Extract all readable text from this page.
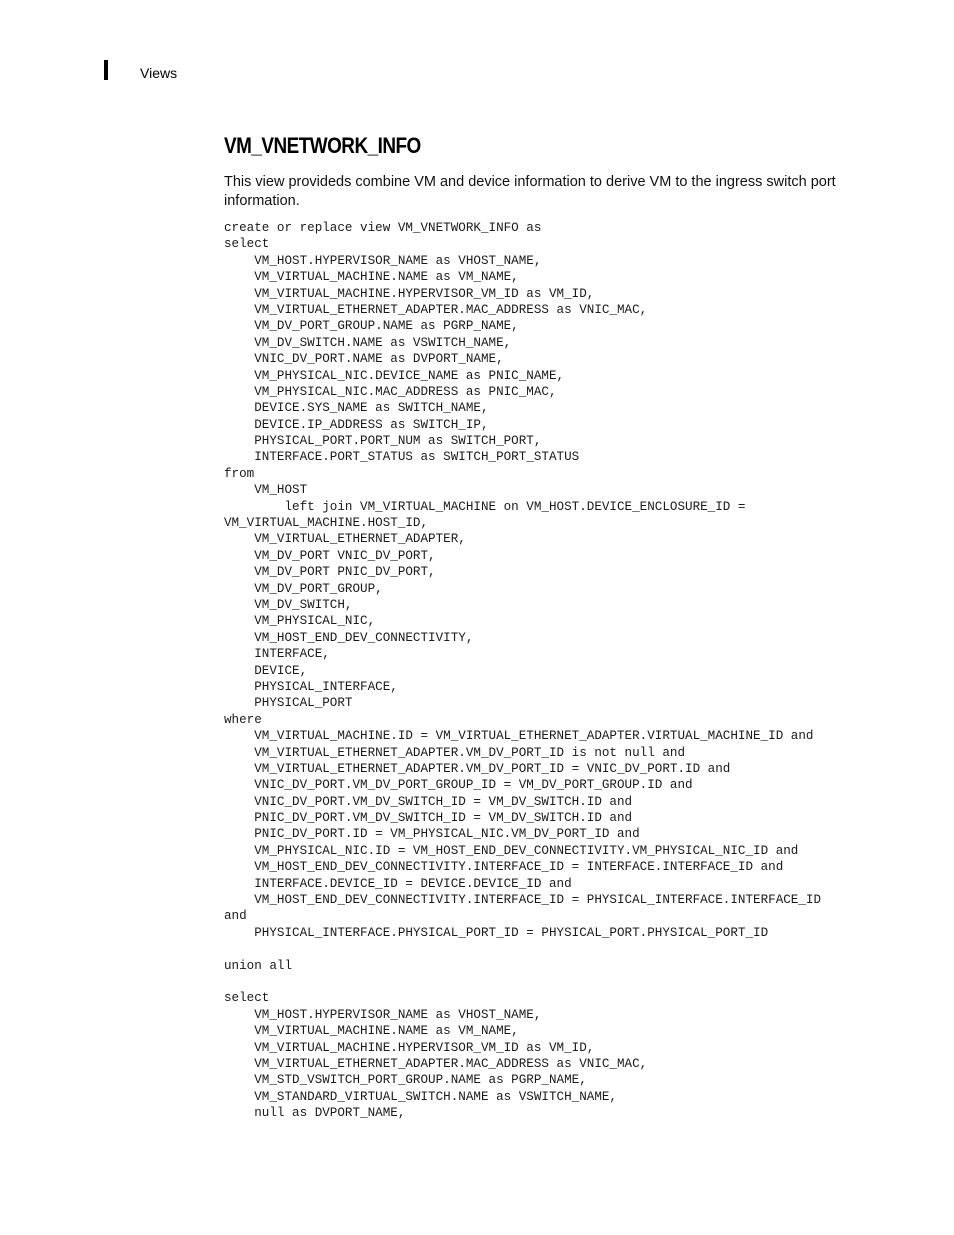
Views
VM_VNETWORK_INFO

This view provideds combine VM and device information to derive VM to the ingress switch port information.

create or replace view VM_VNETWORK_INFO as
select
VM_HOST.HYPERVISOR_NAME as VHOST_NAME,
VM_VIRTUAL_MACHINE.NAME as VM_NAME,
VM_VIRTUAL_MACHINE.HYPERVISOR_VM_ID as VM_ID,
VM_VIRTUAL_ETHERNET_ADAPTER.MAC_ADDRESS as VNIC_MAC,
VM_DV_PORT_GROUP.NAME as PGRP_NAME,
VM_DV_SWITCH.NAME as VSWITCH_NAME,
VNIC_DV_PORT.NAME as DVPORT_NAME,
VM_PHYSICAL_NIC.DEVICE_NAME as PNIC_NAME,
VM_PHYSICAL_NIC.MAC_ADDRESS as PNIC_MAC,
DEVICE.SYS_NAME as SWITCH_NAME,
DEVICE.IP_ADDRESS as SWITCH_IP,
PHYSICAL_PORT.PORT_NUM as SWITCH_PORT,
INTERFACE.PORT_STATUS as SWITCH_PORT_STATUS
from
VM_HOST
left join VM_VIRTUAL_MACHINE on VM_HOST.DEVICE_ENCLOSURE_ID =
VM_VIRTUAL_MACHINE.HOST_ID,
VM_VIRTUAL_ETHERNET_ADAPTER,
VM_DV_PORT VNIC_DV_PORT,
VM_DV_PORT PNIC_DV_PORT,
VM_DV_PORT_GROUP,
VM_DV_SWITCH,
VM_PHYSICAL_NIC,
VM_HOST_END_DEV_CONNECTIVITY,
INTERFACE,
DEVICE,
PHYSICAL_INTERFACE,
PHYSICAL_PORT
where
VM_VIRTUAL_MACHINE.ID = VM_VIRTUAL_ETHERNET_ADAPTER.VIRTUAL_MACHINE_ID and
VM_VIRTUAL_ETHERNET_ADAPTER.VM_DV_PORT_ID is not null and
VM_VIRTUAL_ETHERNET_ADAPTER.VM_DV_PORT_ID = VNIC_DV_PORT.ID and
VNIC_DV_PORT.VM_DV_PORT_GROUP_ID = VM_DV_PORT_GROUP.ID and
VNIC_DV_PORT.VM_DV_SWITCH_ID = VM_DV_SWITCH.ID and
PNIC_DV_PORT.VM_DV_SWITCH_ID = VM_DV_SWITCH.ID and
PNIC_DV_PORT.ID = VM_PHYSICAL_NIC.VM_DV_PORT_ID and
VM_PHYSICAL_NIC.ID = VM_HOST_END_DEV_CONNECTIVITY.VM_PHYSICAL_NIC_ID and
VM_HOST_END_DEV_CONNECTIVITY.INTERFACE_ID = INTERFACE.INTERFACE_ID and
INTERFACE.DEVICE_ID = DEVICE.DEVICE_ID and
VM_HOST_END_DEV_CONNECTIVITY.INTERFACE_ID = PHYSICAL_INTERFACE.INTERFACE_ID
and
PHYSICAL_INTERFACE.PHYSICAL_PORT_ID = PHYSICAL_PORT.PHYSICAL_PORT_ID
union all
select
VM_HOST.HYPERVISOR_NAME as VHOST_NAME,
VM_VIRTUAL_MACHINE.NAME as VM_NAME,
VM_VIRTUAL_MACHINE.HYPERVISOR_VM_ID as VM_ID,
VM_VIRTUAL_ETHERNET_ADAPTER.MAC_ADDRESS as VNIC_MAC,
VM_STD_VSWITCH_PORT_GROUP.NAME as PGRP_NAME,
VM_STANDARD_VIRTUAL_SWITCH.NAME as VSWITCH_NAME,
null as DVPORT_NAME,
